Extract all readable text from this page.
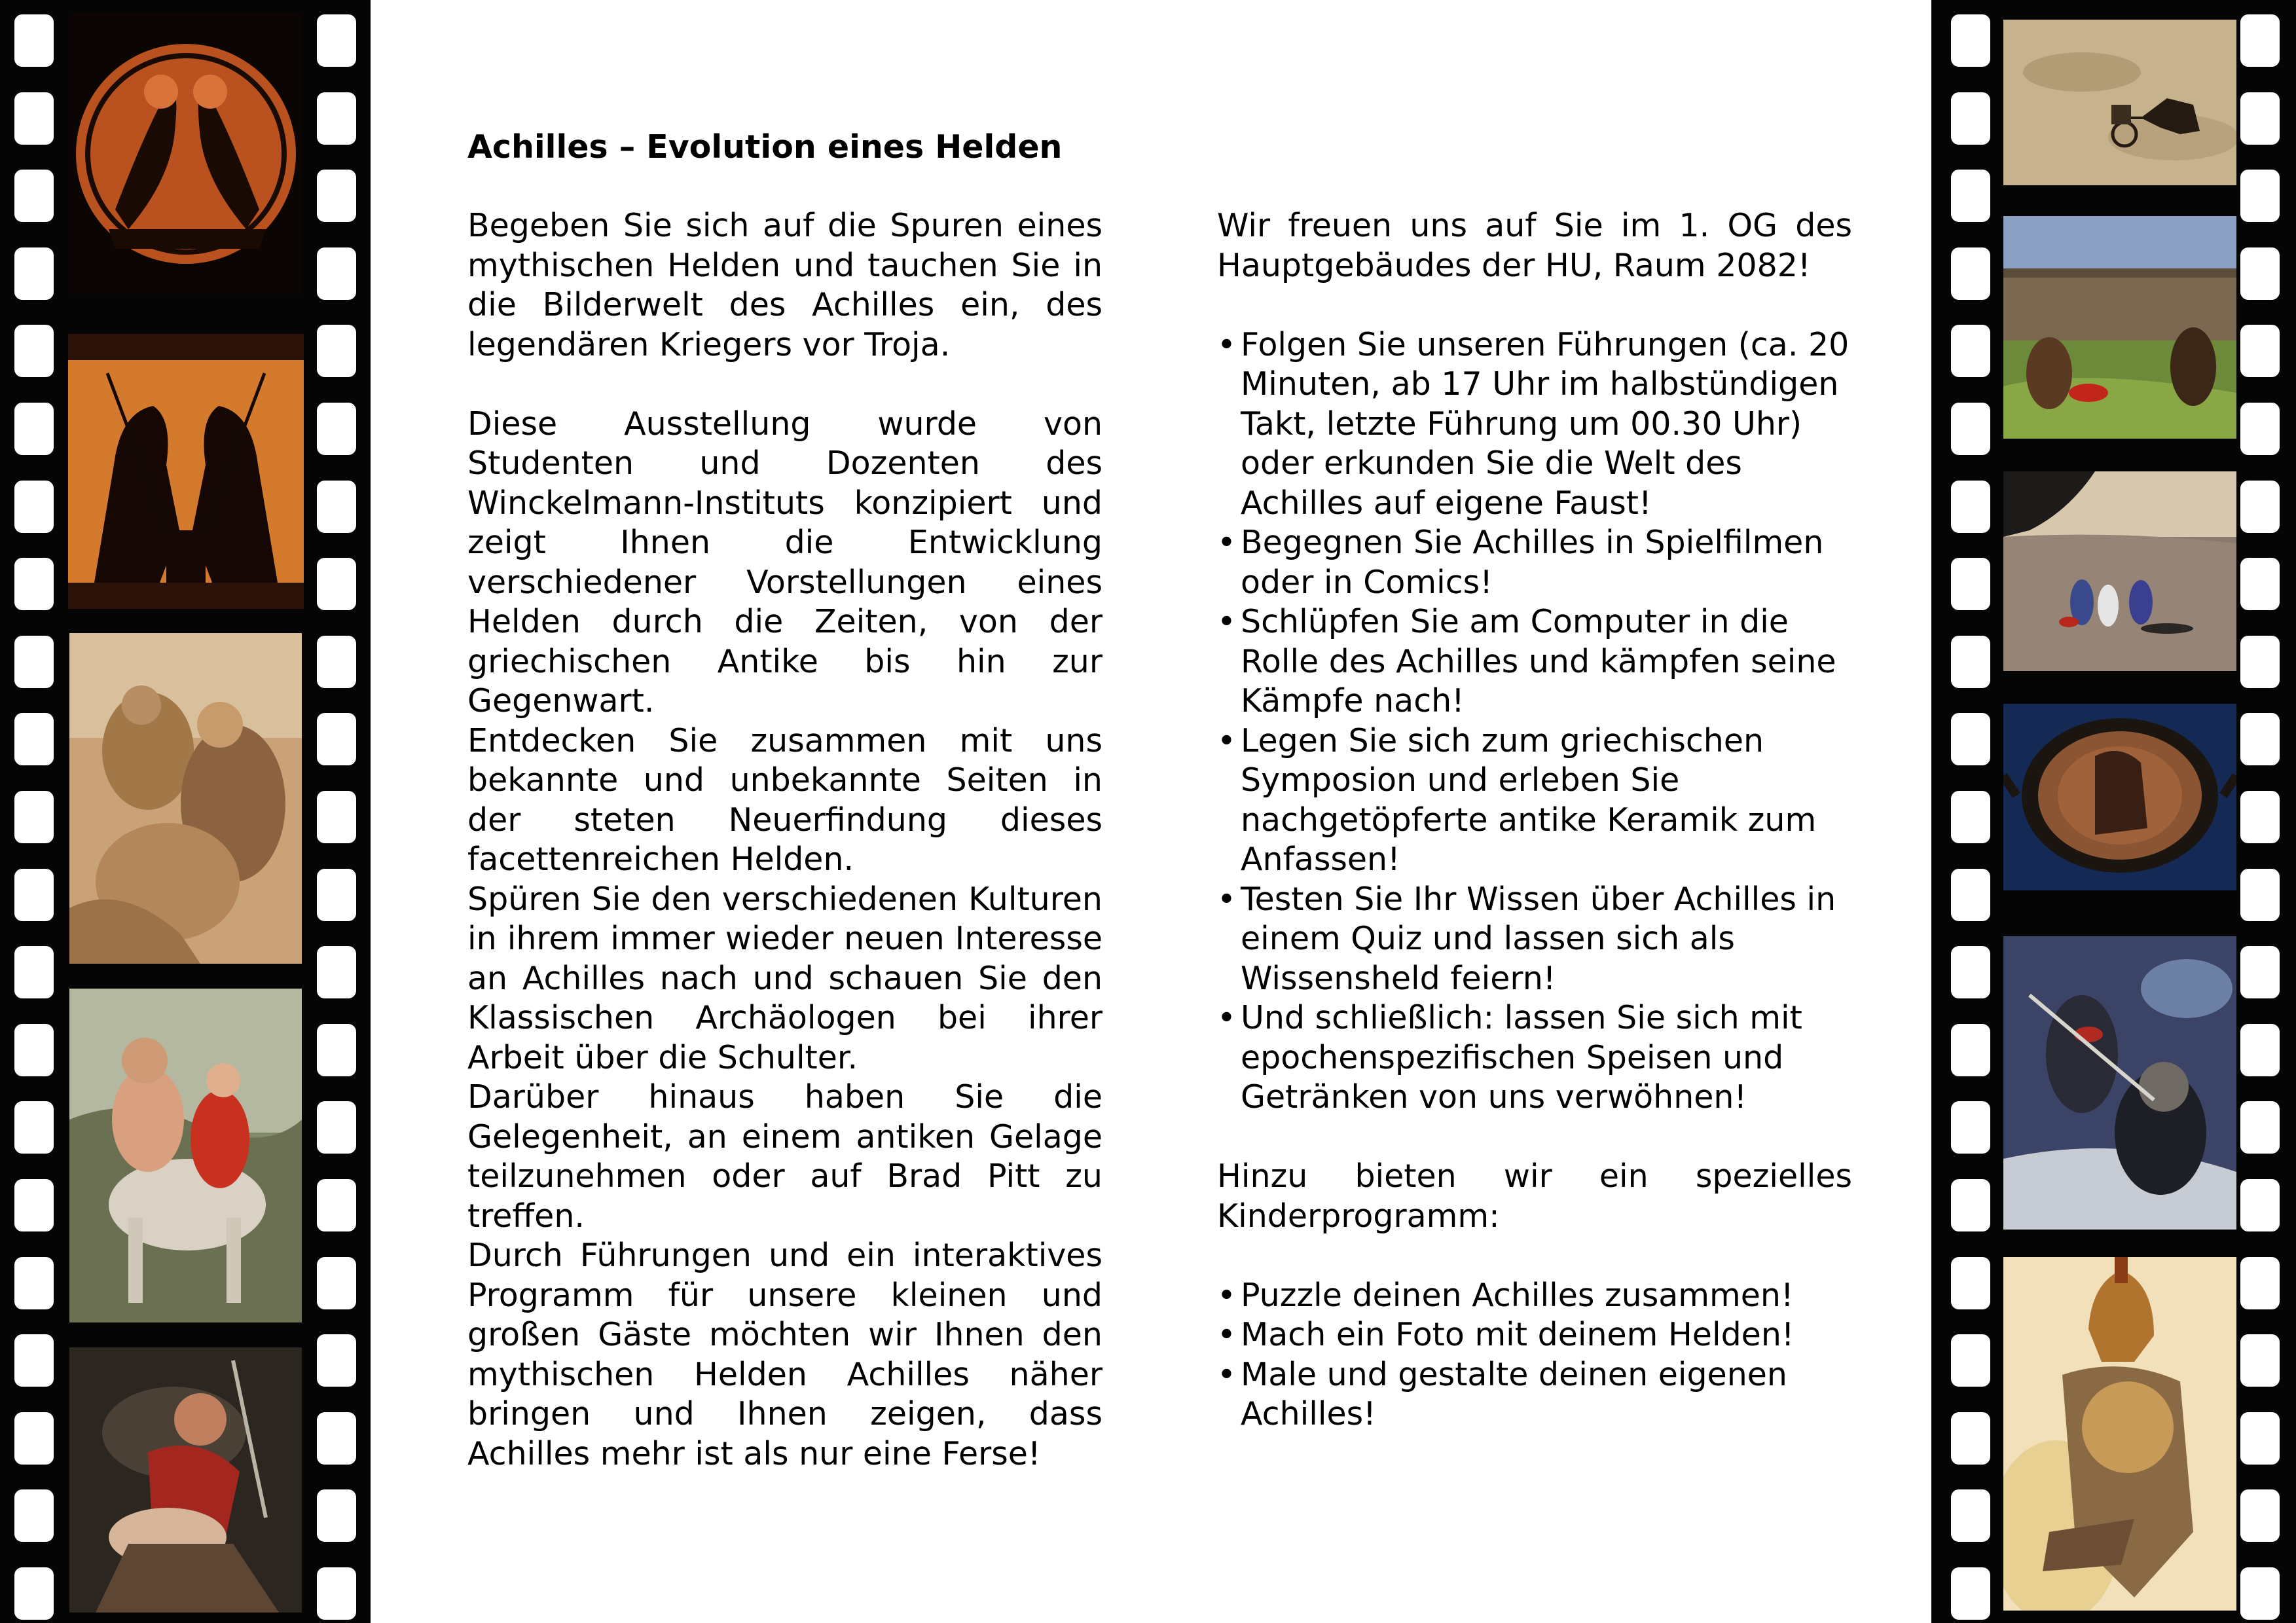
Achilles – Evolution eines Helden

Begeben Sie sich auf die Spuren eines mythischen Helden und tauchen Sie in die Bilderwelt des Achilles ein, des legendären Kriegers vor Troja.

Diese Ausstellung wurde von Studenten und Dozenten des Winckelmann-Instituts konzipiert und zeigt Ihnen die Entwicklung verschiedener Vorstellungen eines Helden durch die Zeiten, von der griechischen Antike bis hin zur Gegenwart.

Entdecken Sie zusammen mit uns bekannte und unbekannte Seiten in der steten Neuerfindung dieses facettenreichen Helden.

Spüren Sie den verschiedenen Kulturen in ihrem immer wieder neuen Interesse an Achilles nach und schauen Sie den Klassischen Archäologen bei ihrer Arbeit über die Schulter.

Darüber hinaus haben Sie die Gelegenheit, an einem antiken Gelage teilzunehmen oder auf Brad Pitt zu treffen.

Durch Führungen und ein interaktives Programm für unsere kleinen und großen Gäste möchten wir Ihnen den mythischen Helden Achilles näher bringen und Ihnen zeigen, dass Achilles mehr ist als nur eine Ferse!

Wir freuen uns auf Sie im 1. OG des Hauptgebäudes der HU, Raum 2082!

• Folgen Sie unseren Führungen (ca. 20 Minuten, ab 17 Uhr im halbstündigen Takt, letzte Führung um 00.30 Uhr) oder erkunden Sie die Welt des Achilles auf eigene Faust!
• Begegnen Sie Achilles in Spielfilmen oder in Comics!
• Schlüpfen Sie am Computer in die Rolle des Achilles und kämpfen seine Kämpfe nach!
• Legen Sie sich zum griechischen Symposion und erleben Sie nachgetöpferte antike Keramik zum Anfassen!
• Testen Sie Ihr Wissen über Achilles in einem Quiz und lassen sich als Wissensheld feiern!
• Und schließlich: lassen Sie sich mit epochenspezifischen Speisen und Getränken von uns verwöhnen!

Hinzu bieten wir ein spezielles Kinderprogramm:

• Puzzle deinen Achilles zusammen!
• Mach ein Foto mit deinem Helden!
• Male und gestalte deinen eigenen Achilles!
